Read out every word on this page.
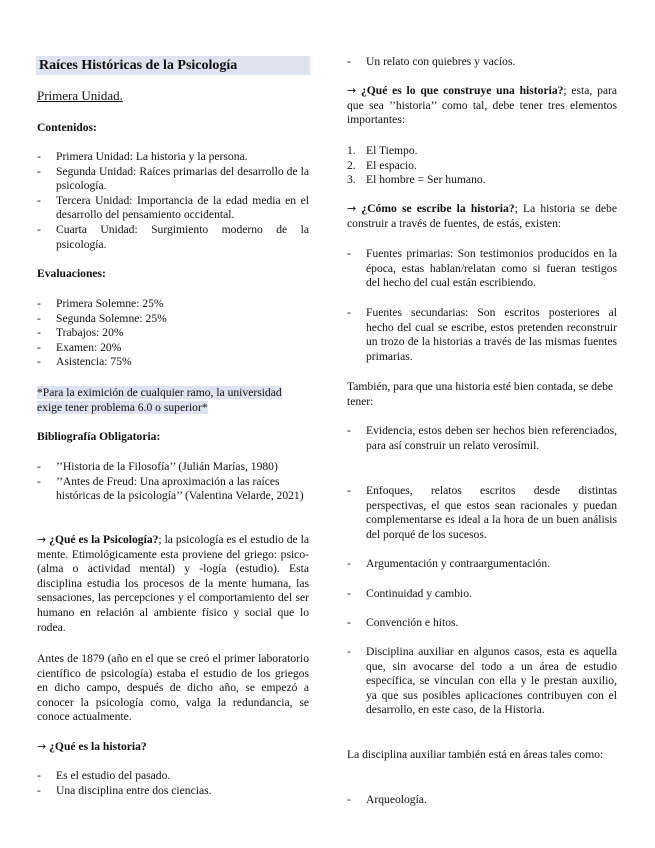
Raíces Históricas de la Psicología
Primera Unidad.
Contenidos:
- Primera Unidad: La historia y la persona.
- Segunda Unidad: Raíces primarias del desarrollo de la psicología.
- Tercera Unidad: Importancia de la edad media en el desarrollo del pensamiento occidental.
- Cuarta Unidad: Surgimiento moderno de la psicología.
Evaluaciones:
- Primera Solemne: 25%
- Segunda Solemne: 25%
- Trabajos: 20%
- Examen: 20%
- Asistencia: 75%
*Para la eximición de cualquier ramo, la universidad exige tener problema 6.0 o superior*
Bibliografía Obligatoria:
- ’’Historia de la Filosofía’’ (Julián Marías, 1980)
- ’’Antes de Freud: Una aproximación a las raíces históricas de la psicología’’ (Valentina Velarde, 2021)

→ ¿Qué es la Psicología?; la psicología es el estudio de la mente. Etimológicamente esta proviene del griego: psico- (alma o actividad mental) y -logía (estudio). Esta disciplina estudia los procesos de la mente humana, las sensaciones, las percepciones y el comportamiento del ser humano en relación al ambiente físico y social que lo rodea.

Antes de 1879 (año en el que se creó el primer laboratorio científico de psicología) estaba el estudio de los griegos en dicho campo, después de dicho año, se empezó a conocer la psicología como, valga la redundancia, se conoce actualmente.

→ ¿Qué es la historia?

- Es el estudio del pasado.
- Una disciplina entre dos ciencias.
- Un relato con quiebres y vacíos.

→ ¿Qué es lo que construye una historia?; esta, para que sea ’’historia’’ como tal, debe tener tres elementos importantes:

1. El Tiempo.
2. El espacio.
3. El hombre = Ser humano.

→ ¿Cómo se escribe la historia?; La historia se debe construir a través de fuentes, de estás, existen:

- Fuentes primarias: Son testimonios producidos en la época, estas hablan/relatan como si fueran testigos del hecho del cual están escribiendo.
- Fuentes secundarias: Son escritos posteriores al hecho del cual se escribe, estos pretenden reconstruir un trozo de la historias a través de las mismas fuentes primarias.

También, para que una historia esté bien contada, se debe tener:

- Evidencia, estos deben ser hechos bien referenciados, para así construir un relato verosímil.
- Enfoques, relatos escritos desde distintas perspectivas, el que estos sean racionales y puedan complementarse es ideal a la hora de un buen análisis del porqué de los sucesos.
- Argumentación y contraargumentación.
- Continuidad y cambio.
- Convención e hitos.
- Disciplina auxiliar en algunos casos, esta es aquella que, sin avocarse del todo a un área de estudio específica, se vinculan con ella y le prestan auxilio, ya que sus posibles aplicaciones contribuyen con el desarrollo, en este caso, de la Historia.

La disciplina auxiliar también está en áreas tales como:

- Arqueología.
